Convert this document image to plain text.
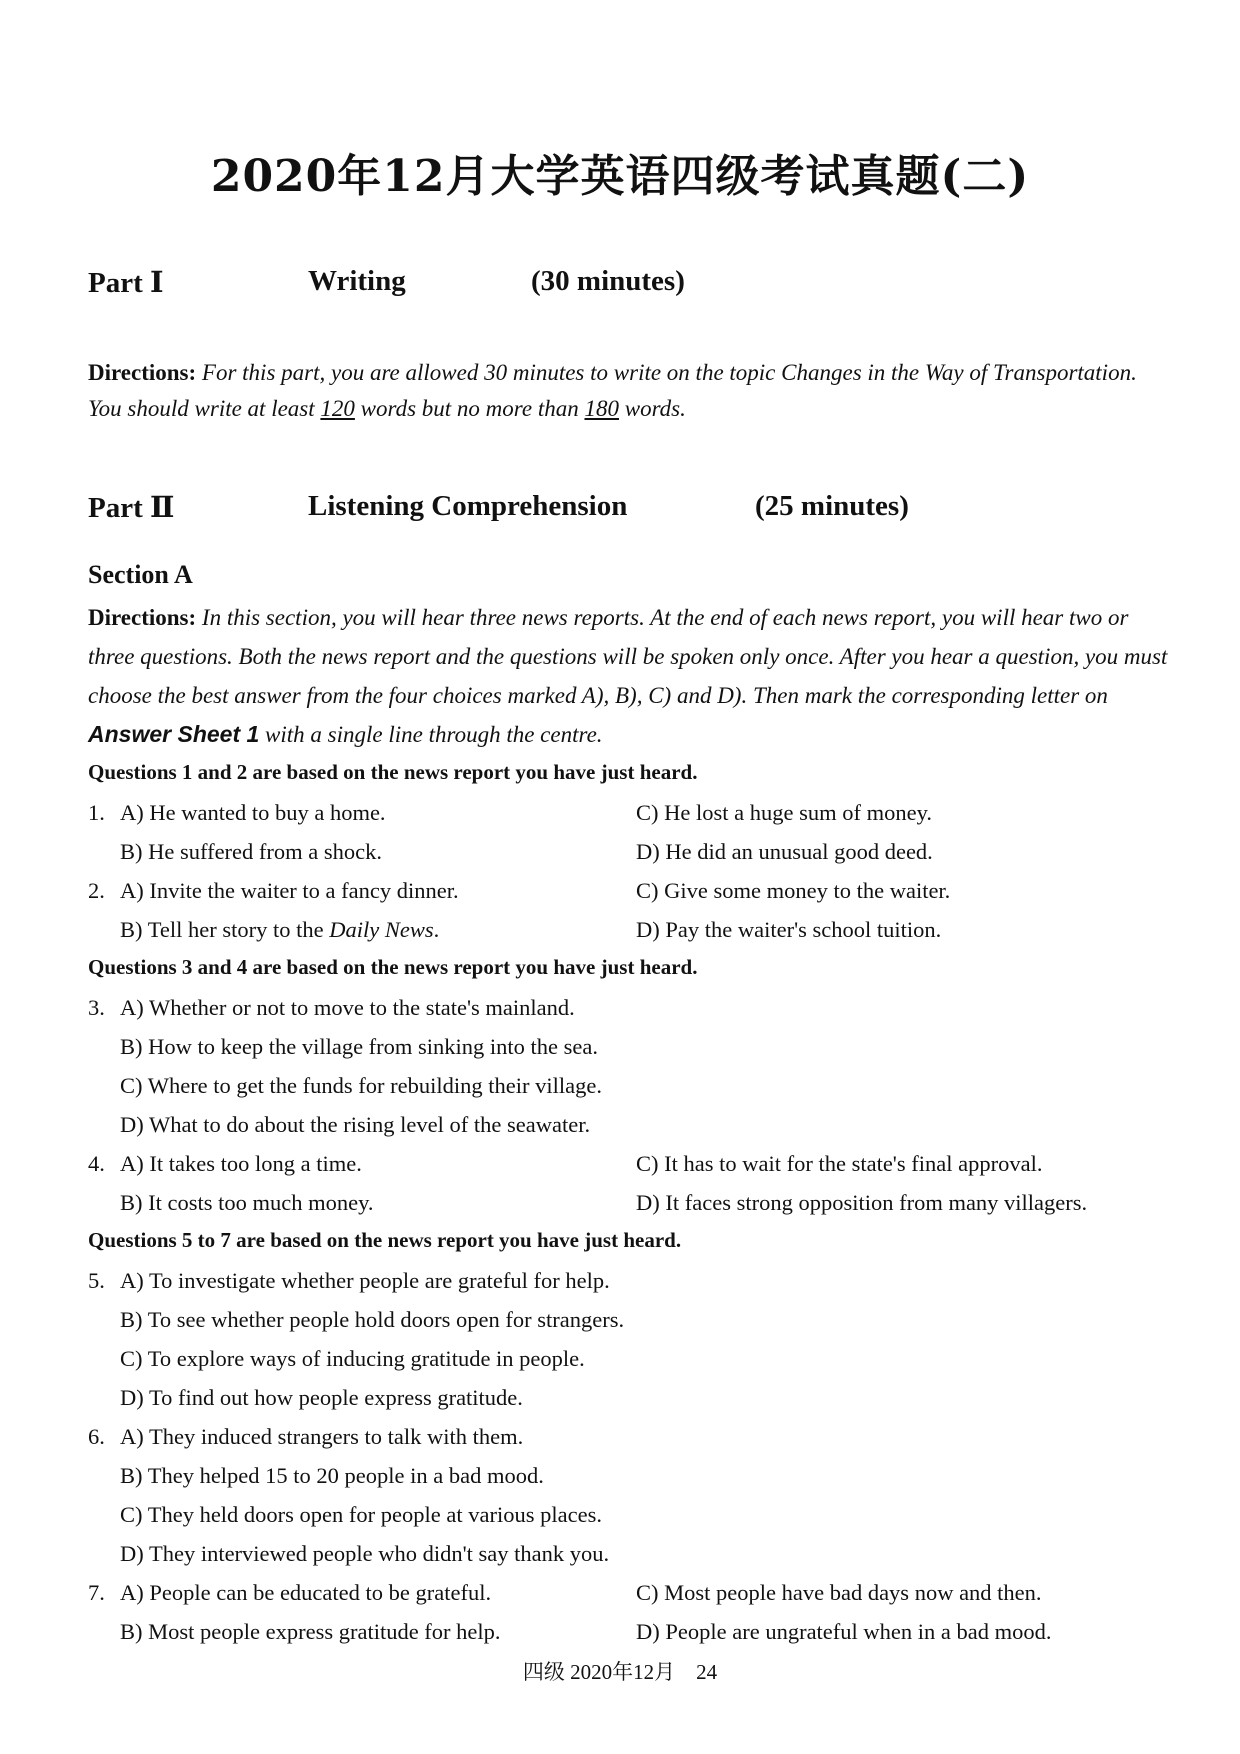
2020年12月大学英语四级考试真题(二)
Part Ⅰ	Writing	(30 minutes)
Directions: For this part, you are allowed 30 minutes to write on the topic Changes in the Way of Transportation. You should write at least 120 words but no more than 180 words.
Part Ⅱ	Listening Comprehension	(25 minutes)
Section A
Directions: In this section, you will hear three news reports. At the end of each news report, you will hear two or three questions. Both the news report and the questions will be spoken only once. After you hear a question, you must choose the best answer from the four choices marked A), B), C) and D). Then mark the corresponding letter on Answer Sheet 1 with a single line through the centre.
Questions 1 and 2 are based on the news report you have just heard.
1. A) He wanted to buy a home.	C) He lost a huge sum of money.
B) He suffered from a shock.	D) He did an unusual good deed.
2. A) Invite the waiter to a fancy dinner.	C) Give some money to the waiter.
B) Tell her story to the Daily News.	D) Pay the waiter's school tuition.
Questions 3 and 4 are based on the news report you have just heard.
3. A) Whether or not to move to the state's mainland.
B) How to keep the village from sinking into the sea.
C) Where to get the funds for rebuilding their village.
D) What to do about the rising level of the seawater.
4. A) It takes too long a time.	C) It has to wait for the state's final approval.
B) It costs too much money.	D) It faces strong opposition from many villagers.
Questions 5 to 7 are based on the news report you have just heard.
5. A) To investigate whether people are grateful for help.
B) To see whether people hold doors open for strangers.
C) To explore ways of inducing gratitude in people.
D) To find out how people express gratitude.
6. A) They induced strangers to talk with them.
B) They helped 15 to 20 people in a bad mood.
C) They held doors open for people at various places.
D) They interviewed people who didn't say thank you.
7. A) People can be educated to be grateful.	C) Most people have bad days now and then.
B) Most people express gratitude for help.	D) People are ungrateful when in a bad mood.
四级 2020年12月　24
